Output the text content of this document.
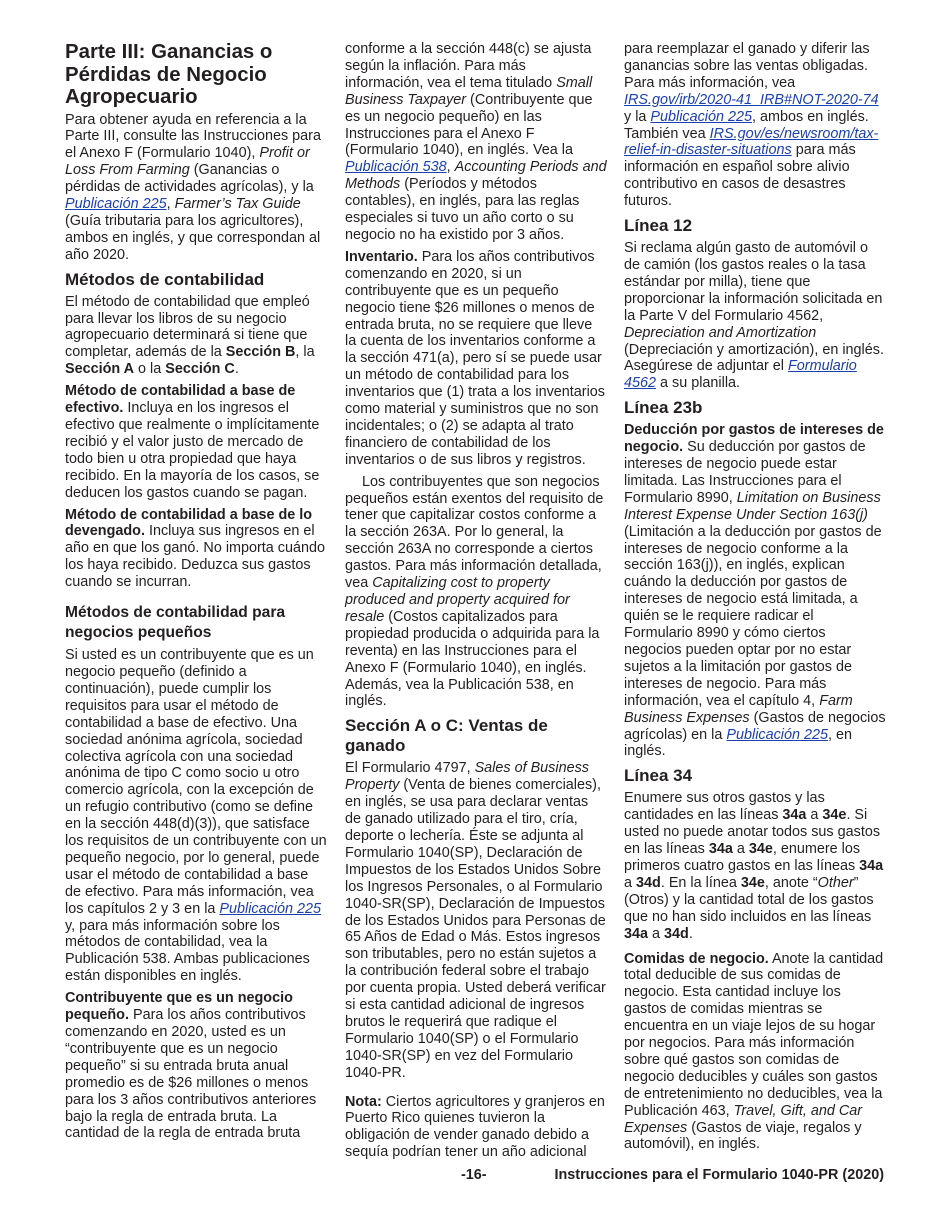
Parte III: Ganancias o Pérdidas de Negocio Agropecuario

Para obtener ayuda en referencia a la Parte III, consulte las Instrucciones para el Anexo F (Formulario 1040), Profit or Loss From Farming (Ganancias o pérdidas de actividades agrícolas), y la Publicación 225, Farmer’s Tax Guide (Guía tributaria para los agricultores), ambos en inglés, y que correspondan al año 2020.

Métodos de contabilidad

El método de contabilidad que empleó para llevar los libros de su negocio agropecuario determinará si tiene que completar, además de la Sección B, la Sección A o la Sección C.

Método de contabilidad a base de efectivo. Incluya en los ingresos el efectivo que realmente o implícitamente recibió y el valor justo de mercado de todo bien u otra propiedad que haya recibido. En la mayoría de los casos, se deducen los gastos cuando se pagan.

Método de contabilidad a base de lo devengado. Incluya sus ingresos en el año en que los ganó. No importa cuándo los haya recibido. Deduzca sus gastos cuando se incurran.

Métodos de contabilidad para negocios pequeños

Si usted es un contribuyente que es un negocio pequeño (definido a continuación), puede cumplir los requisitos para usar el método de contabilidad a base de efectivo. Una sociedad anónima agrícola, sociedad colectiva agrícola con una sociedad anónima de tipo C como socio u otro comercio agrícola, con la excepción de un refugio contributivo (como se define en la sección 448(d)(3)), que satisface los requisitos de un contribuyente con un pequeño negocio, por lo general, puede usar el método de contabilidad a base de efectivo. Para más información, vea los capítulos 2 y 3 en la Publicación 225 y, para más información sobre los métodos de contabilidad, vea la Publicación 538. Ambas publicaciones están disponibles en inglés.

Contribuyente que es un negocio pequeño. Para los años contributivos comenzando en 2020, usted es un “contribuyente que es un negocio pequeño” si su entrada bruta anual promedio es de $26 millones o menos para los 3 años contributivos anteriores bajo la regla de entrada bruta. La cantidad de la regla de entrada bruta

conforme a la sección 448(c) se ajusta según la inflación. Para más información, vea el tema titulado Small Business Taxpayer (Contribuyente que es un negocio pequeño) en las Instrucciones para el Anexo F (Formulario 1040), en inglés. Vea la Publicación 538, Accounting Periods and Methods (Períodos y métodos contables), en inglés, para las reglas especiales si tuvo un año corto o su negocio no ha existido por 3 años.

Inventario. Para los años contributivos comenzando en 2020, si un contribuyente que es un pequeño negocio tiene $26 millones o menos de entrada bruta, no se requiere que lleve la cuenta de los inventarios conforme a la sección 471(a), pero sí se puede usar un método de contabilidad para los inventarios que (1) trata a los inventarios como material y suministros que no son incidentales; o (2) se adapta al trato financiero de contabilidad de los inventarios o de sus libros y registros.

Los contribuyentes que son negocios pequeños están exentos del requisito de tener que capitalizar costos conforme a la sección 263A. Por lo general, la sección 263A no corresponde a ciertos gastos. Para más información detallada, vea Capitalizing cost to property produced and property acquired for resale (Costos capitalizados para propiedad producida o adquirida para la reventa) en las Instrucciones para el Anexo F (Formulario 1040), en inglés. Además, vea la Publicación 538, en inglés.

Sección A o C: Ventas de ganado

El Formulario 4797, Sales of Business Property (Venta de bienes comerciales), en inglés, se usa para declarar ventas de ganado utilizado para el tiro, cría, deporte o lechería. Éste se adjunta al Formulario 1040(SP), Declaración de Impuestos de los Estados Unidos Sobre los Ingresos Personales, o al Formulario 1040-SR(SP), Declaración de Impuestos de los Estados Unidos para Personas de 65 Años de Edad o Más. Estos ingresos son tributables, pero no están sujetos a la contribución federal sobre el trabajo por cuenta propia. Usted deberá verificar si esta cantidad adicional de ingresos brutos le requerirá que radique el Formulario 1040(SP) o el Formulario 1040-SR(SP) en vez del Formulario 1040-PR.

Nota: Ciertos agricultores y granjeros en Puerto Rico quienes tuvieron la obligación de vender ganado debido a sequía podrían tener un año adicional

para reemplazar el ganado y diferir las ganancias sobre las ventas obligadas. Para más información, vea IRS.gov/irb/2020-41_IRB#NOT-2020-74 y la Publicación 225, ambos en inglés. También vea IRS.gov/es/newsroom/tax-relief-in-disaster-situations para más información en español sobre alivio contributivo en casos de desastres futuros.

Línea 12

Si reclama algún gasto de automóvil o de camión (los gastos reales o la tasa estándar por milla), tiene que proporcionar la información solicitada en la Parte V del Formulario 4562, Depreciation and Amortization (Depreciación y amortización), en inglés. Asegúrese de adjuntar el Formulario 4562 a su planilla.

Línea 23b

Deducción por gastos de intereses de negocio. Su deducción por gastos de intereses de negocio puede estar limitada. Las Instrucciones para el Formulario 8990, Limitation on Business Interest Expense Under Section 163(j) (Limitación a la deducción por gastos de intereses de negocio conforme a la sección 163(j)), en inglés, explican cuándo la deducción por gastos de intereses de negocio está limitada, a quién se le requiere radicar el Formulario 8990 y cómo ciertos negocios pueden optar por no estar sujetos a la limitación por gastos de intereses de negocio. Para más información, vea el capítulo 4, Farm Business Expenses (Gastos de negocios agrícolas) en la Publicación 225, en inglés.

Línea 34

Enumere sus otros gastos y las cantidades en las líneas 34a a 34e. Si usted no puede anotar todos sus gastos en las líneas 34a a 34e, enumere los primeros cuatro gastos en las líneas 34a a 34d. En la línea 34e, anote “Other” (Otros) y la cantidad total de los gastos que no han sido incluidos en las líneas 34a a 34d.

Comidas de negocio. Anote la cantidad total deducible de sus comidas de negocio. Esta cantidad incluye los gastos de comidas mientras se encuentra en un viaje lejos de su hogar por negocios. Para más información sobre qué gastos son comidas de negocio deducibles y cuáles son gastos de entretenimiento no deducibles, vea la Publicación 463, Travel, Gift, and Car Expenses (Gastos de viaje, regalos y automóvil), en inglés.

-16-	Instrucciones para el Formulario 1040-PR (2020)
